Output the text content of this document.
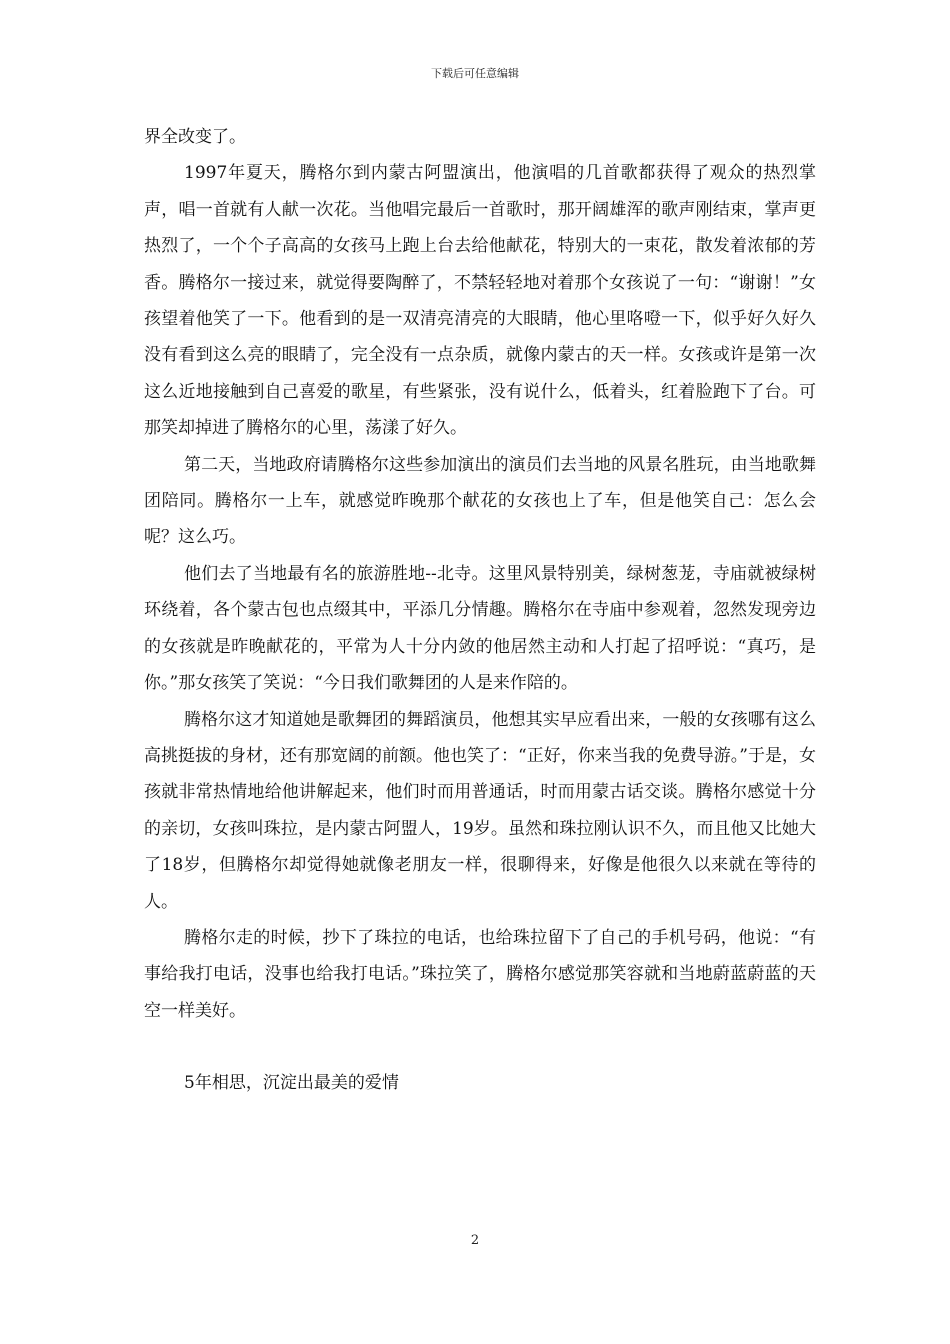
下载后可任意编辑

界全改变了。

1997年夏天，腾格尔到内蒙古阿盟演出，他演唱的几首歌都获得了观众的热烈掌声，唱一首就有人献一次花。当他唱完最后一首歌时，那开阔雄浑的歌声刚结束，掌声更热烈了，一个个子高高的女孩马上跑上台去给他献花，特别大的一束花，散发着浓郁的芳香。腾格尔一接过来，就觉得要陶醉了，不禁轻轻地对着那个女孩说了一句：“谢谢！”女孩望着他笑了一下。他看到的是一双清亮清亮的大眼睛，他心里咯噔一下，似乎好久好久没有看到这么亮的眼睛了，完全没有一点杂质，就像内蒙古的天一样。女孩或许是第一次这么近地接触到自己喜爱的歌星，有些紧张，没有说什么，低着头，红着脸跑下了台。可那笑却掉进了腾格尔的心里，荡漾了好久。

第二天，当地政府请腾格尔这些参加演出的演员们去当地的风景名胜玩，由当地歌舞团陪同。腾格尔一上车，就感觉昨晚那个献花的女孩也上了车，但是他笑自己：怎么会呢？这么巧。

他们去了当地最有名的旅游胜地--北寺。这里风景特别美，绿树葱茏，寺庙就被绿树环绕着，各个蒙古包也点缀其中，平添几分情趣。腾格尔在寺庙中参观着，忽然发现旁边的女孩就是昨晚献花的，平常为人十分内敛的他居然主动和人打起了招呼说：“真巧，是你。”那女孩笑了笑说：“今日我们歌舞团的人是来作陪的。

腾格尔这才知道她是歌舞团的舞蹈演员，他想其实早应看出来，一般的女孩哪有这么高挑挺拔的身材，还有那宽阔的前额。他也笑了：“正好，你来当我的免费导游。”于是，女孩就非常热情地给他讲解起来，他们时而用普通话，时而用蒙古话交谈。腾格尔感觉十分的亲切，女孩叫珠拉，是内蒙古阿盟人，19岁。虽然和珠拉刚认识不久，而且他又比她大了18岁，但腾格尔却觉得她就像老朋友一样，很聊得来，好像是他很久以来就在等待的人。

腾格尔走的时候，抄下了珠拉的电话，也给珠拉留下了自己的手机号码，他说：“有事给我打电话，没事也给我打电话。”珠拉笑了，腾格尔感觉那笑容就和当地蔚蓝蔚蓝的天空一样美好。

5年相思，沉淀出最美的爱情

2
